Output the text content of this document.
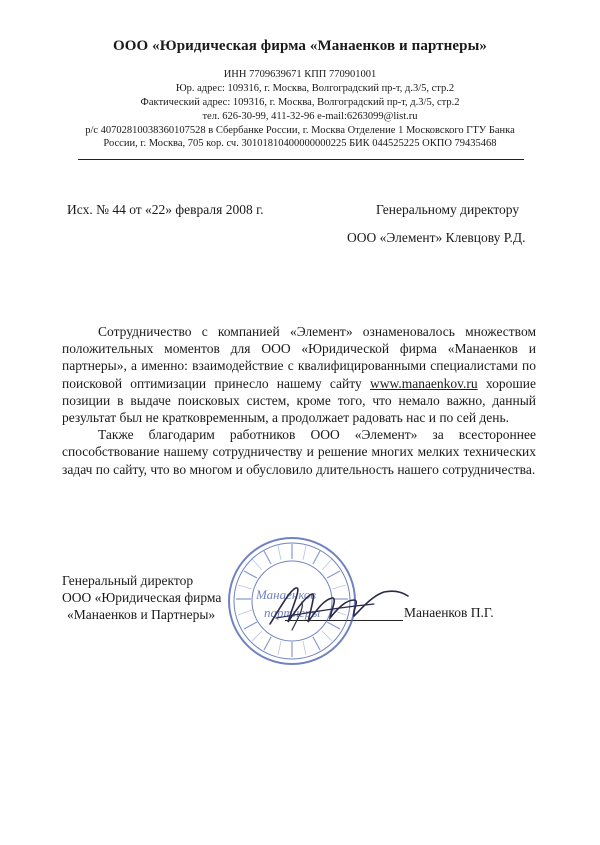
ООО «Юридическая фирма «Манаенков и партнеры»
ИНН 7709639671 КПП 770901001
Юр. адрес: 109316, г. Москва, Волгоградский пр-т, д.3/5, стр.2
Фактический адрес: 109316, г. Москва, Волгоградский пр-т, д.3/5, стр.2
тел. 626-30-99, 411-32-96 e-mail:6263099@list.ru
р/с 40702810038360107528 в Сбербанке России, г. Москва Отделение 1 Московского ГТУ Банка
России, г. Москва, 705 кор. сч. 30101810400000000225 БИК 044525225 ОКПО 79435468
Исх. № 44 от «22» февраля 2008 г.	Генеральному директору
ООО «Элемент» Клевцову Р.Д.

Сотрудничество с компанией «Элемент» ознаменовалось множеством положительных моментов для ООО «Юридической фирма «Манаенков и партнеры», а именно: взаимодействие с квалифицированными специалистами по поисковой оптимизации принесло нашему сайту www.manaenkov.ru хорошие позиции в выдаче поисковых систем, кроме того, что немало важно, данный результат был не кратковременным, а продолжает радовать нас и по сей день.

Также благодарим работников ООО «Элемент» за всестороннее способствование нашему сотрудничеству и решение многих мелких технических задач по сайту, что во многом и обусловило длительность нашего сотрудничества.

Генеральный директор
ООО «Юридическая фирма
«Манаенков и Партнеры»	Манаенков П.Г.
Манаенков
партнеры
